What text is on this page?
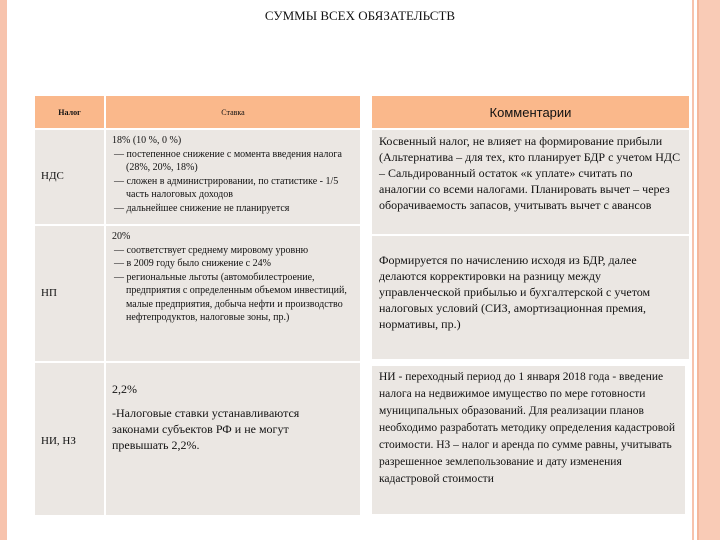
СУММЫ ВСЕХ ОБЯЗАТЕЛЬСТВ
Налог	Ставка
НДС
18% (10 %, 0 %)
— постепенное снижение с момента введения налога (28%, 20%, 18%)
— сложен в администрировании, по статистике - 1/5 часть налоговых доходов
— дальнейшее снижение не планируется
НП
20%
— соответствует среднему мировому уровню
— в 2009 году было снижение с 24%
— региональные льготы (автомобилестроение, предприятия с определенным объемом инвестиций, малые предприятия, добыча нефти и производство нефтепродуктов, налоговые зоны, пр.)
НИ, НЗ
2,2%
-Налоговые ставки устанавливаются законами субъектов РФ и не могут превышать 2,2%.
Комментарии
Косвенный налог, не влияет на формирование прибыли (Альтернатива – для тех, кто планирует БДР с учетом НДС – Сальдированный остаток «к уплате» считать по аналогии со всеми налогами. Планировать вычет – через оборачиваемость запасов, учитывать вычет с авансов
Формируется по начислению исходя из БДР, далее делаются корректировки на разницу между управленческой прибылью и бухгалтерской с учетом налоговых условий (СИЗ, амортизационная премия, нормативы, пр.)
НИ - переходный период до 1 января 2018 года - введение налога на недвижимое имущество по мере готовности муниципальных образований. Для реализации планов необходимо разработать методику определения кадастровой стоимости. НЗ – налог и аренда по сумме равны, учитывать разрешенное землепользование и дату изменения кадастровой стоимости
